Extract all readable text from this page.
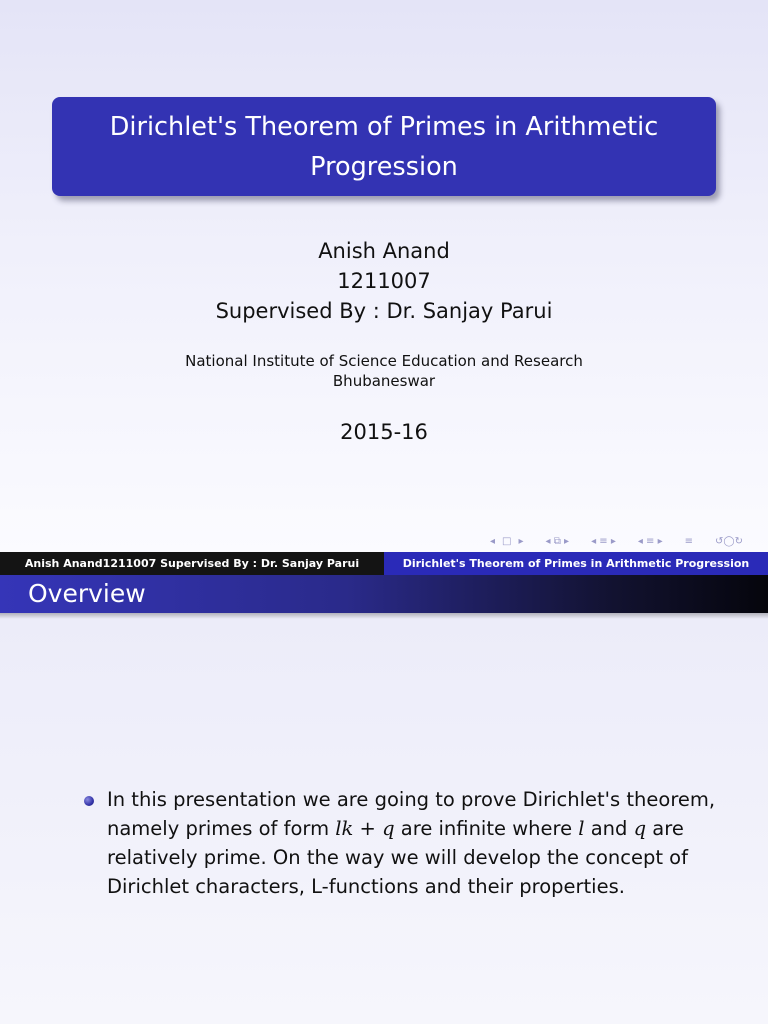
Dirichlet's Theorem of Primes in Arithmetic
Progression
Anish Anand
1211007
Supervised By : Dr. Sanjay Parui
National Institute of Science Education and Research
Bhubaneswar
2015-16
◂ □ ▸ ◂ ⧉ ▸ ◂ ≡ ▸ ◂ ≡ ▸ ≡ ↺◯↻
Anish Anand1211007 Supervised By : Dr. Sanjay Parui	Dirichlet's Theorem of Primes in Arithmetic Progression
Overview
In this presentation we are going to prove Dirichlet's theorem,
namely primes of form lk + q are infinite where l and q are
relatively prime. On the way we will develop the concept of
Dirichlet characters, L-functions and their properties.
